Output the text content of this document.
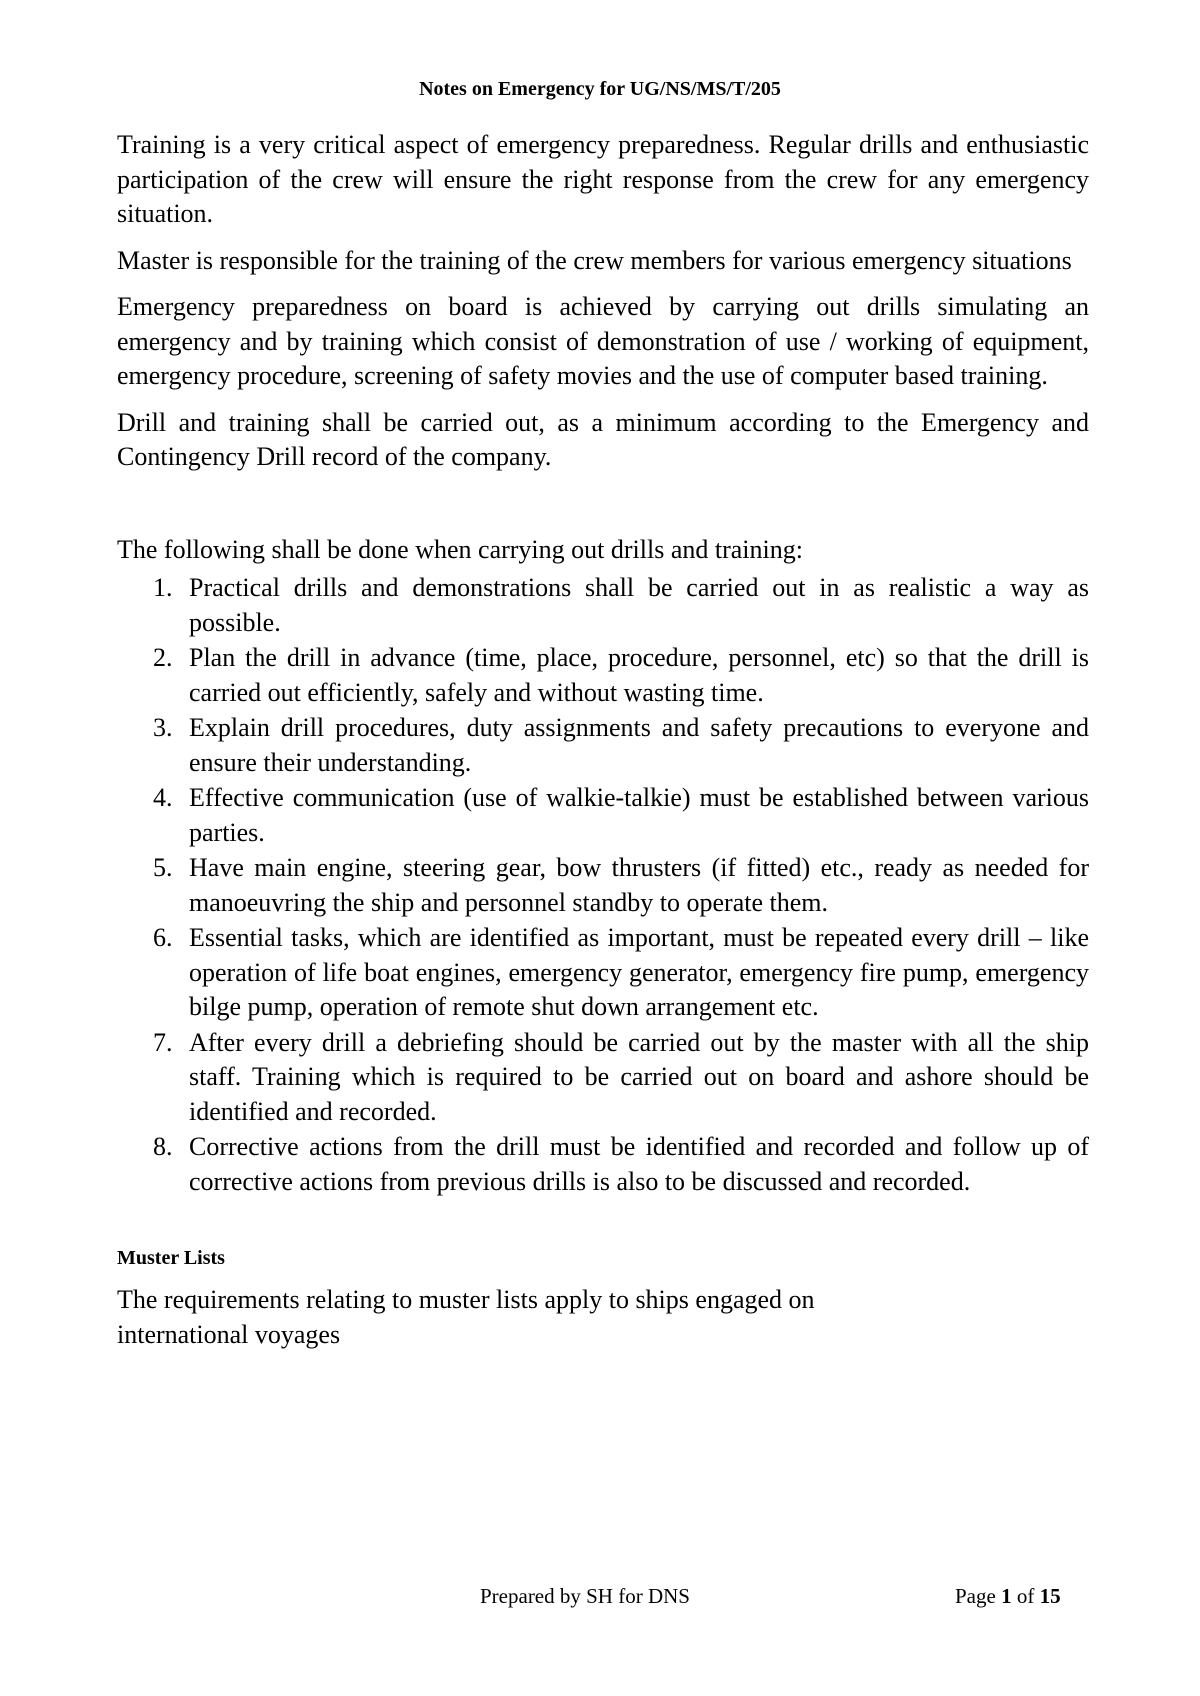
Notes on Emergency for UG/NS/MS/T/205

Training is a very critical aspect of emergency preparedness. Regular drills and enthusiastic participation of the crew will ensure the right response from the crew for any emergency situation.

Master is responsible for the training of the crew members for various emergency situations

Emergency preparedness on board is achieved by carrying out drills simulating an emergency and by training which consist of demonstration of use / working of equipment, emergency procedure, screening of safety movies and the use of computer based training.

Drill and training shall be carried out, as a minimum according to the Emergency and Contingency Drill record of the company.

The following shall be done when carrying out drills and training:

1. Practical drills and demonstrations shall be carried out in as realistic a way as possible.
2. Plan the drill in advance (time, place, procedure, personnel, etc) so that the drill is carried out efficiently, safely and without wasting time.
3. Explain drill procedures, duty assignments and safety precautions to everyone and ensure their understanding.
4. Effective communication (use of walkie-talkie) must be established between various parties.
5. Have main engine, steering gear, bow thrusters (if fitted) etc., ready as needed for manoeuvring the ship and personnel standby to operate them.
6. Essential tasks, which are identified as important, must be repeated every drill – like operation of life boat engines, emergency generator, emergency fire pump, emergency bilge pump, operation of remote shut down arrangement etc.
7. After every drill a debriefing should be carried out by the master with all the ship staff. Training which is required to be carried out on board and ashore should be identified and recorded.
8. Corrective actions from the drill must be identified and recorded and follow up of corrective actions from previous drills is also to be discussed and recorded.
Muster Lists

The requirements relating to muster lists apply to ships engaged on international voyages

Prepared by SH for DNS	Page 1 of 15
